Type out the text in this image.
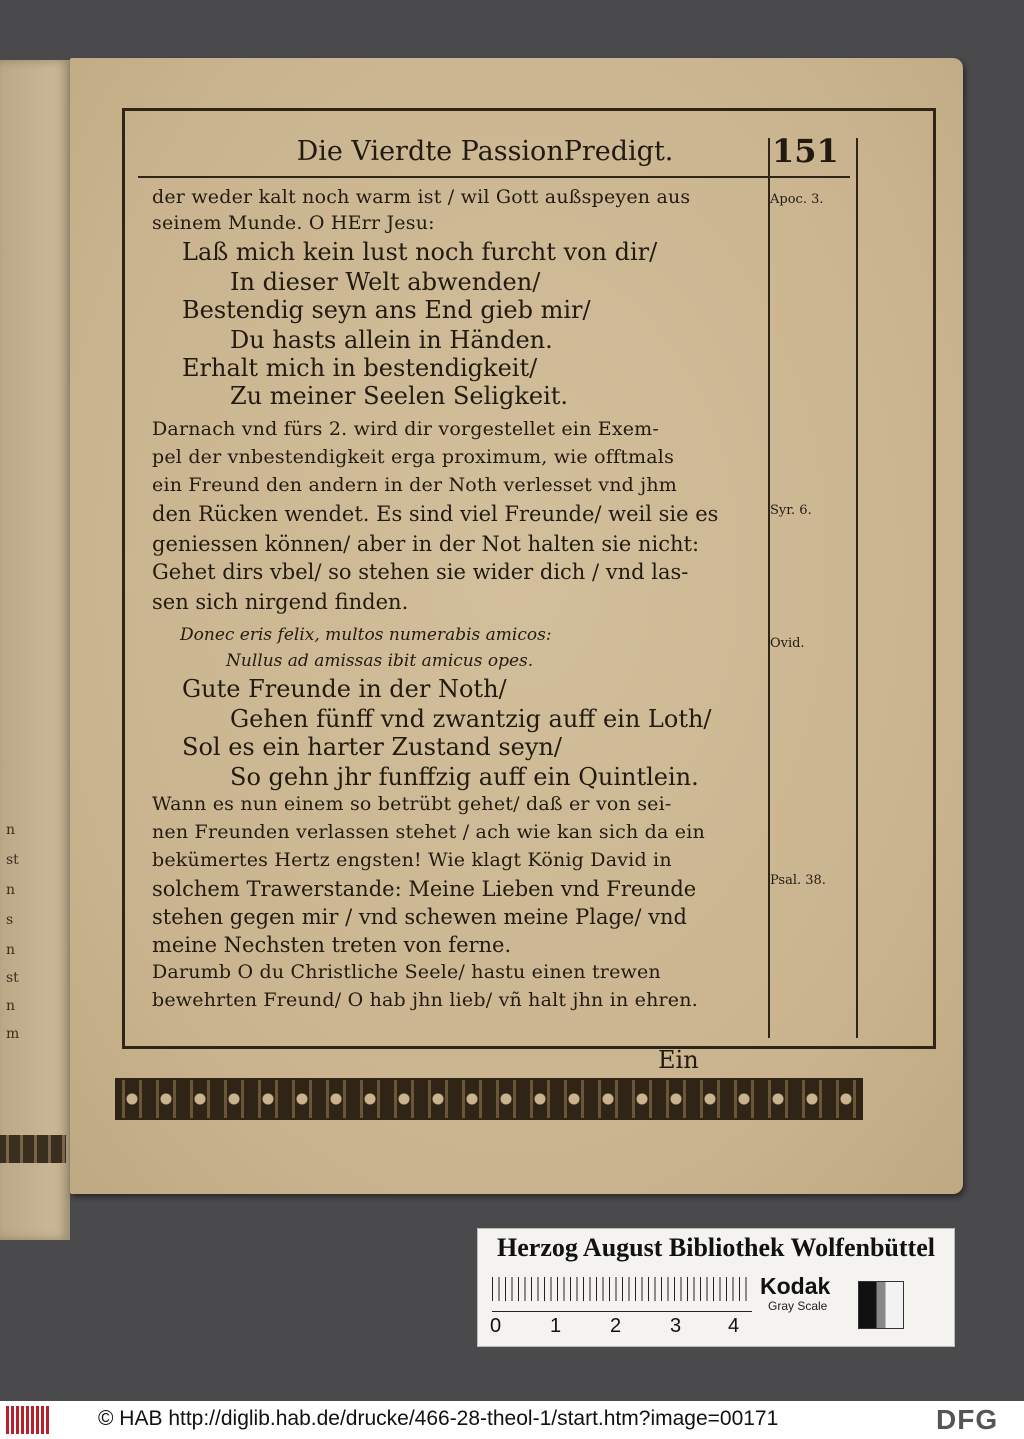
n
st
n
s
n
st
n
m
Die Vierdte PassionPredigt.	151
der weder kalt noch warm ist / wil Gott außspeyen aus
seinem Munde. O HErr Jesu:
Laß mich kein lust noch furcht von dir/
In dieser Welt abwenden/
Bestendig seyn ans End gieb mir/
Du hasts allein in Händen.
Erhalt mich in bestendigkeit/
Zu meiner Seelen Seligkeit.
Darnach vnd fürs 2. wird dir vorgestellet ein Exem-
pel der vnbestendigkeit erga proximum, wie offtmals
ein Freund den andern in der Noth verlesset vnd jhm
den Rücken wendet. Es sind viel Freunde/ weil sie es
geniessen können/ aber in der Not halten sie nicht:
Gehet dirs vbel/ so stehen sie wider dich / vnd las-
sen sich nirgend finden.
Donec eris felix, multos numerabis amicos:
Nullus ad amissas ibit amicus opes.
Gute Freunde in der Noth/
Gehen fünff vnd zwantzig auff ein Loth/
Sol es ein harter Zustand seyn/
So gehn jhr funffzig auff ein Quintlein.
Wann es nun einem so betrübt gehet/ daß er von sei-
nen Freunden verlassen stehet / ach wie kan sich da ein
bekümertes Hertz engsten! Wie klagt König David in
solchem Trawerstande: Meine Lieben vnd Freunde
stehen gegen mir / vnd schewen meine Plage/ vnd
meine Nechsten treten von ferne.
Darumb O du Christliche Seele/ hastu einen trewen
bewehrten Freund/ O hab jhn lieb/ vñ halt jhn in ehren.
Apoc. 3.
Syr. 6.
Ovid.
Psal. 38.
Ein
Herzog August Bibliothek Wolfenbüttel
0 1 2 3 4
Kodak
Gray Scale
© HAB http://diglib.hab.de/drucke/466-28-theol-1/start.htm?image=00171	DFG
